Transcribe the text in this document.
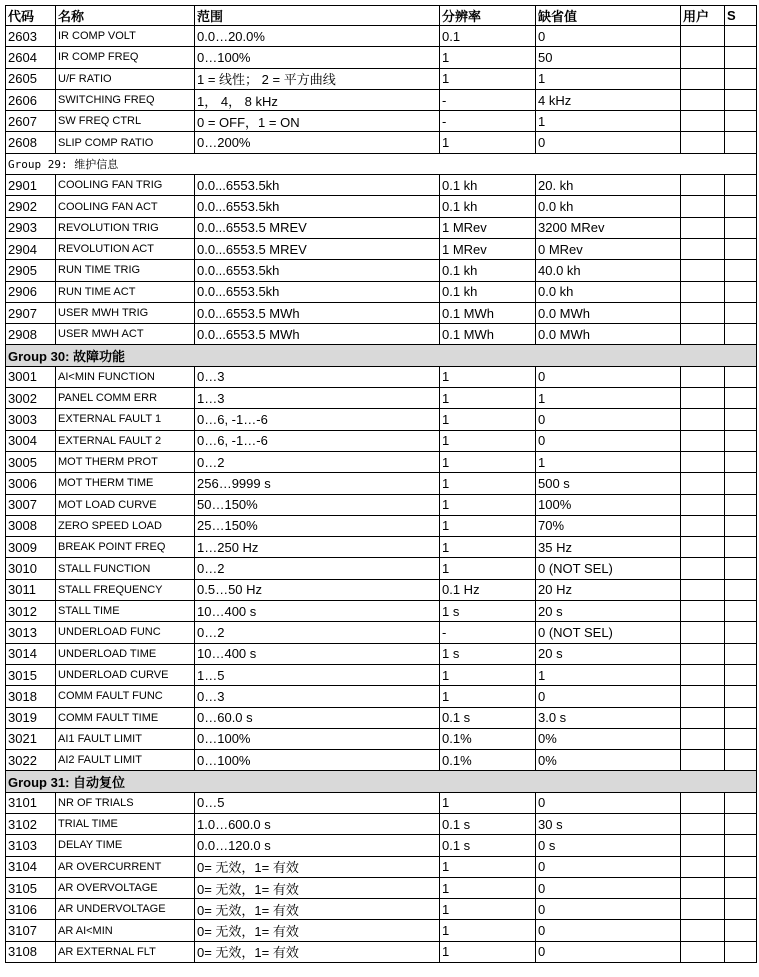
代码	名称	范围	分辨率	缺省值	用户	S
2603	IR COMP VOLT	0.0…20.0%	0.1	0		
2604	IR COMP FREQ	0…100%	1	50		
2605	U/F RATIO	1 = 线性； 2 = 平方曲线	1	1		
2606	SWITCHING FREQ	1， 4， 8 kHz	-	4 kHz		
2607	SW FREQ CTRL	0 = OFF，1 = ON	-	1		
2608	SLIP COMP RATIO	0…200%	1	0		
Group 29: 维护信息						
2901	COOLING FAN TRIG	0.0...6553.5kh	0.1 kh	20. kh		
2902	COOLING FAN ACT	0.0...6553.5kh	0.1 kh	0.0 kh		
2903	REVOLUTION TRIG	0.0...6553.5 MREV	1 MRev	3200 MRev		
2904	REVOLUTION ACT	0.0...6553.5 MREV	1 MRev	0 MRev		
2905	RUN TIME TRIG	0.0...6553.5kh	0.1 kh	40.0 kh		
2906	RUN TIME ACT	0.0...6553.5kh	0.1 kh	0.0 kh		
2907	USER MWH TRIG	0.0...6553.5 MWh	0.1 MWh	0.0 MWh		
2908	USER MWH ACT	0.0...6553.5 MWh	0.1 MWh	0.0 MWh		
Group 30: 故障功能						
3001	AI<MIN FUNCTION	0…3	1	0		
3002	PANEL COMM ERR	1…3	1	1		
3003	EXTERNAL FAULT 1	0…6, -1…-6	1	0		
3004	EXTERNAL FAULT 2	0…6, -1…-6	1	0		
3005	MOT THERM PROT	0…2	1	1		
3006	MOT THERM TIME	256…9999 s	1	500 s		
3007	MOT LOAD CURVE	50…150%	1	100%		
3008	ZERO SPEED LOAD	25…150%	1	70%		
3009	BREAK POINT FREQ	1…250 Hz	1	35 Hz		
3010	STALL FUNCTION	0…2	1	0 (NOT SEL)		
3011	STALL FREQUENCY	0.5…50 Hz	0.1 Hz	20 Hz		
3012	STALL TIME	10…400 s	1 s	20 s		
3013	UNDERLOAD FUNC	0…2	-	0 (NOT SEL)		
3014	UNDERLOAD TIME	10…400 s	1 s	20 s		
3015	UNDERLOAD CURVE	1…5	1	1		
3018	COMM FAULT FUNC	0…3	1	0		
3019	COMM FAULT TIME	0…60.0 s	0.1 s	3.0 s		
3021	AI1 FAULT LIMIT	0…100%	0.1%	0%		
3022	AI2 FAULT LIMIT	0…100%	0.1%	0%		
Group 31: 自动复位						
3101	NR OF TRIALS	0…5	1	0		
3102	TRIAL TIME	1.0…600.0 s	0.1 s	30 s		
3103	DELAY TIME	0.0…120.0 s	0.1 s	0 s		
3104	AR OVERCURRENT	0= 无效，1= 有效	1	0		
3105	AR OVERVOLTAGE	0= 无效，1= 有效	1	0		
3106	AR UNDERVOLTAGE	0= 无效，1= 有效	1	0		
3107	AR AI<MIN	0= 无效，1= 有效	1	0		
3108	AR EXTERNAL FLT	0= 无效，1= 有效	1	0		
